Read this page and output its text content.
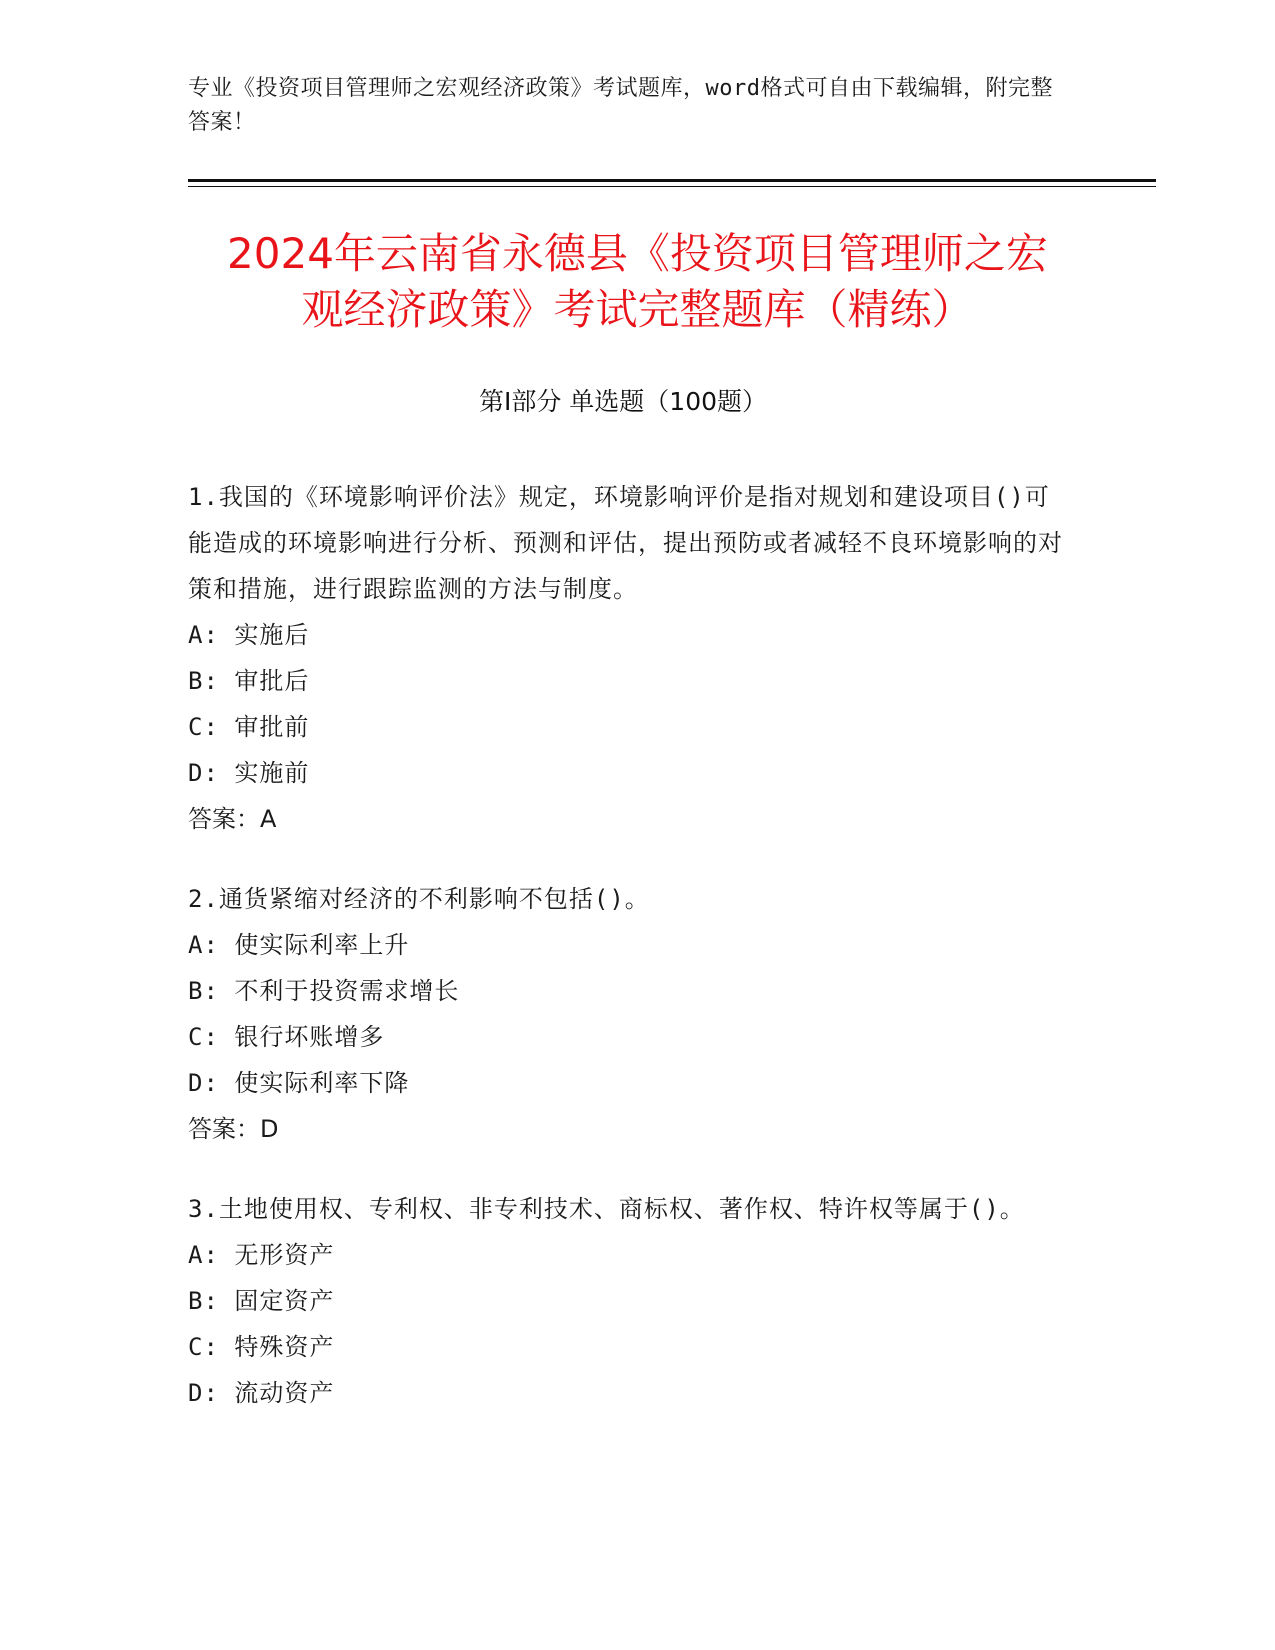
专业《投资项目管理师之宏观经济政策》考试题库，word格式可自由下载编辑，附完整答案！
2024年云南省永德县《投资项目管理师之宏
观经济政策》考试完整题库（精练）
第I部分 单选题（100题）
1.我国的《环境影响评价法》规定，环境影响评价是指对规划和建设项目()可能造成的环境影响进行分析、预测和评估，提出预防或者减轻不良环境影响的对策和措施，进行跟踪监测的方法与制度。
A: 实施后
B: 审批后
C: 审批前
D: 实施前
答案：A
2.通货紧缩对经济的不利影响不包括()。
A: 使实际利率上升
B: 不利于投资需求增长
C: 银行坏账增多
D: 使实际利率下降
答案：D
3.土地使用权、专利权、非专利技术、商标权、著作权、特许权等属于()。
A: 无形资产
B: 固定资产
C: 特殊资产
D: 流动资产
